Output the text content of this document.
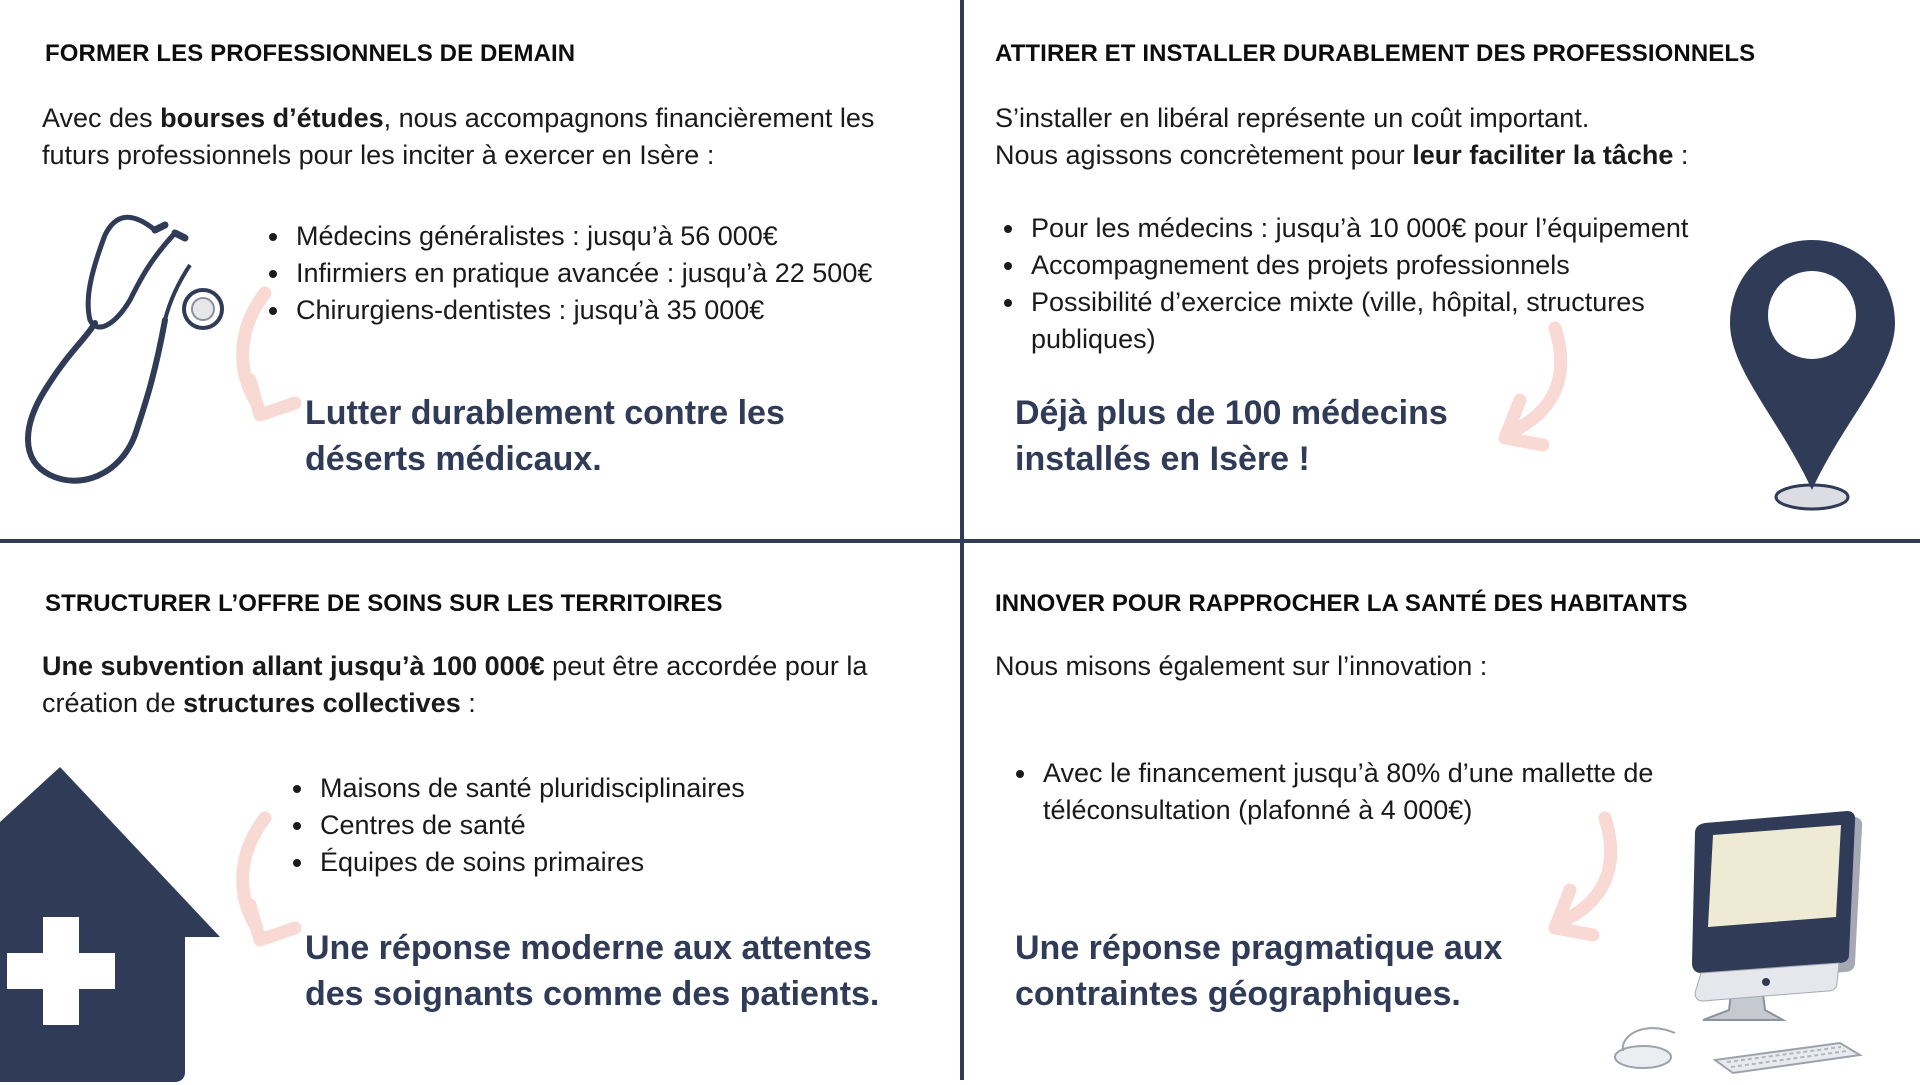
FORMER LES PROFESSIONNELS DE DEMAIN

Avec des bourses d’études, nous accompagnons financièrement les futurs professionnels pour les inciter à exercer en Isère :

• Médecins généralistes : jusqu’à 56 000€
• Infirmiers en pratique avancée : jusqu’à 22 500€
• Chirurgiens-dentistes : jusqu’à 35 000€
Lutter durablement contre les
déserts médicaux.
ATTIRER ET INSTALLER DURABLEMENT DES PROFESSIONNELS
S’installer en libéral représente un coût important.
Nous agissons concrètement pour leur faciliter la tâche :
• Pour les médecins : jusqu’à 10 000€ pour l’équipement
• Accompagnement des projets professionnels
• Possibilité d’exercice mixte (ville, hôpital, structures publiques)
Déjà plus de 100 médecins
installés en Isère !
STRUCTURER L’OFFRE DE SOINS SUR LES TERRITOIRES

Une subvention allant jusqu’à 100 000€ peut être accordée pour la création de structures collectives :

• Maisons de santé pluridisciplinaires
• Centres de santé
• Équipes de soins primaires
Une réponse moderne aux attentes
des soignants comme des patients.
INNOVER POUR RAPPROCHER LA SANTÉ DES HABITANTS
Nous misons également sur l’innovation :
• Avec le financement jusqu’à 80% d’une mallette de téléconsultation (plafonné à 4 000€)
Une réponse pragmatique aux
contraintes géographiques.
